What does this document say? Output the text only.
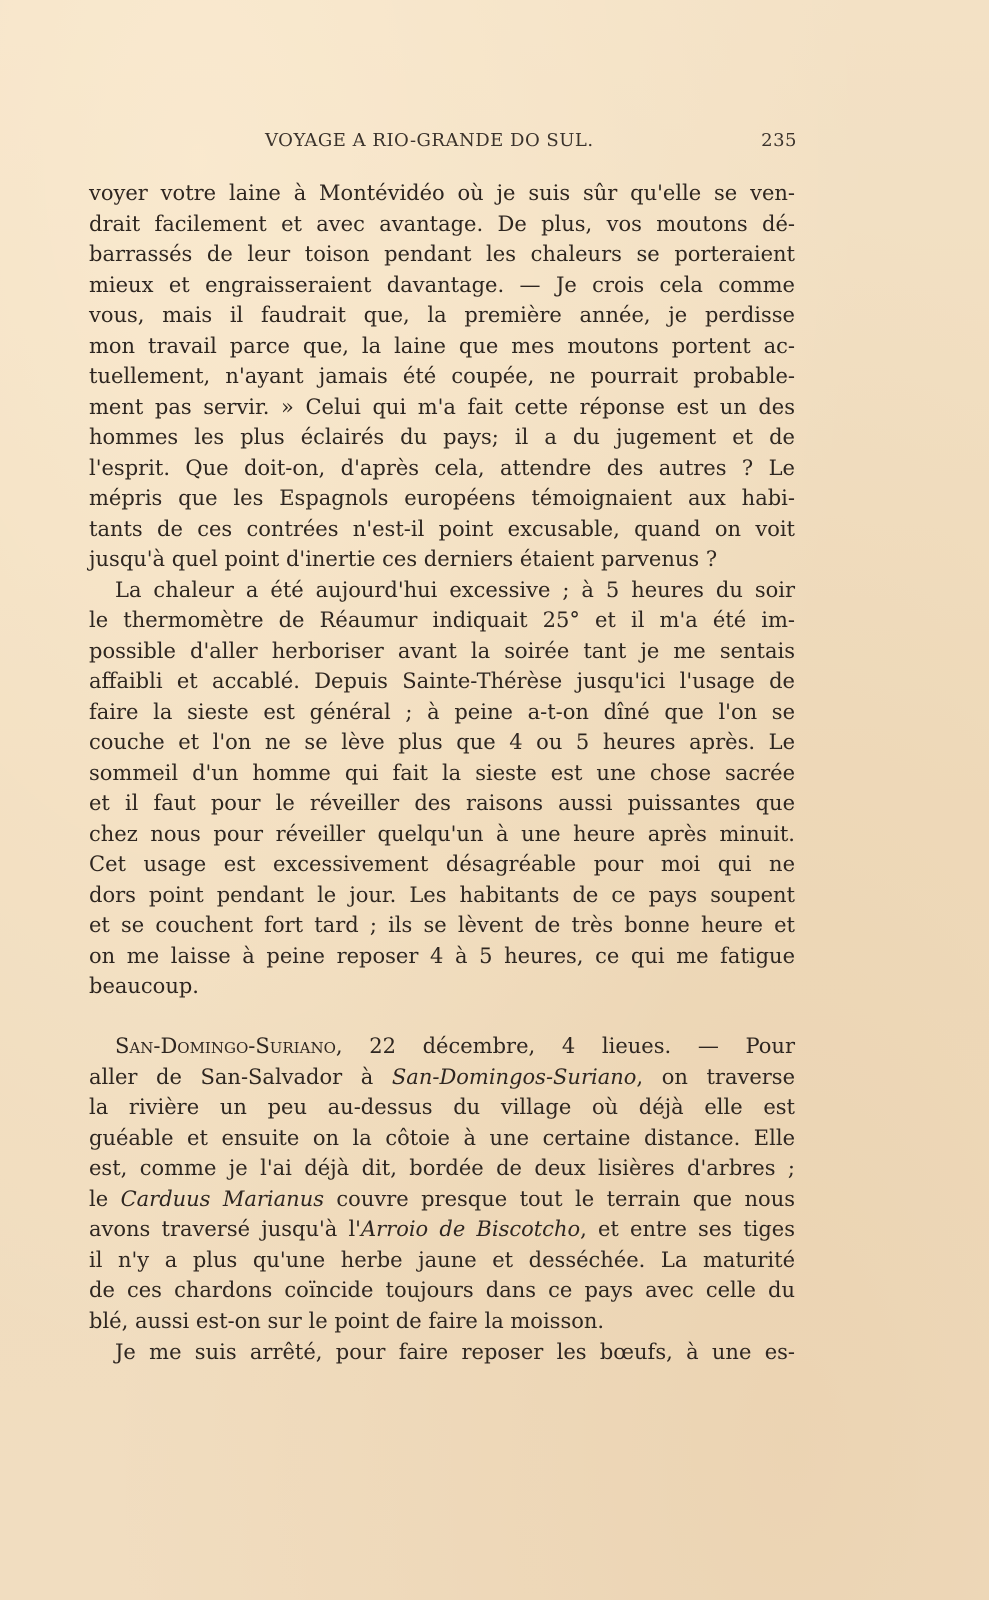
VOYAGE A RIO-GRANDE DO SUL.	235
voyer votre laine à Montévidéo où je suis sûr qu'elle se ven-
drait facilement et avec avantage. De plus, vos moutons dé-
barrassés de leur toison pendant les chaleurs se porteraient
mieux et engraisseraient davantage. — Je crois cela comme
vous, mais il faudrait que, la première année, je perdisse
mon travail parce que, la laine que mes moutons portent ac-
tuellement, n'ayant jamais été coupée, ne pourrait probable-
ment pas servir. » Celui qui m'a fait cette réponse est un des
hommes les plus éclairés du pays; il a du jugement et de
l'esprit. Que doit-on, d'après cela, attendre des autres ? Le
mépris que les Espagnols européens témoignaient aux habi-
tants de ces contrées n'est-il point excusable, quand on voit
jusqu'à quel point d'inertie ces derniers étaient parvenus ?
La chaleur a été aujourd'hui excessive ; à 5 heures du soir
le thermomètre de Réaumur indiquait 25° et il m'a été im-
possible d'aller herboriser avant la soirée tant je me sentais
affaibli et accablé. Depuis Sainte-Thérèse jusqu'ici l'usage de
faire la sieste est général ; à peine a-t-on dîné que l'on se
couche et l'on ne se lève plus que 4 ou 5 heures après. Le
sommeil d'un homme qui fait la sieste est une chose sacrée
et il faut pour le réveiller des raisons aussi puissantes que
chez nous pour réveiller quelqu'un à une heure après minuit.
Cet usage est excessivement désagréable pour moi qui ne
dors point pendant le jour. Les habitants de ce pays soupent
et se couchent fort tard ; ils se lèvent de très bonne heure et
on me laisse à peine reposer 4 à 5 heures, ce qui me fatigue
beaucoup.
San-Domingo-Suriano, 22 décembre, 4 lieues. — Pour
aller de San-Salvador à San-Domingos-Suriano, on traverse
la rivière un peu au-dessus du village où déjà elle est
guéable et ensuite on la côtoie à une certaine distance. Elle
est, comme je l'ai déjà dit, bordée de deux lisières d'arbres ;
le Carduus Marianus couvre presque tout le terrain que nous
avons traversé jusqu'à l'Arroio de Biscotcho, et entre ses tiges
il n'y a plus qu'une herbe jaune et desséchée. La maturité
de ces chardons coïncide toujours dans ce pays avec celle du
blé, aussi est-on sur le point de faire la moisson.
Je me suis arrêté, pour faire reposer les bœufs, à une es-
